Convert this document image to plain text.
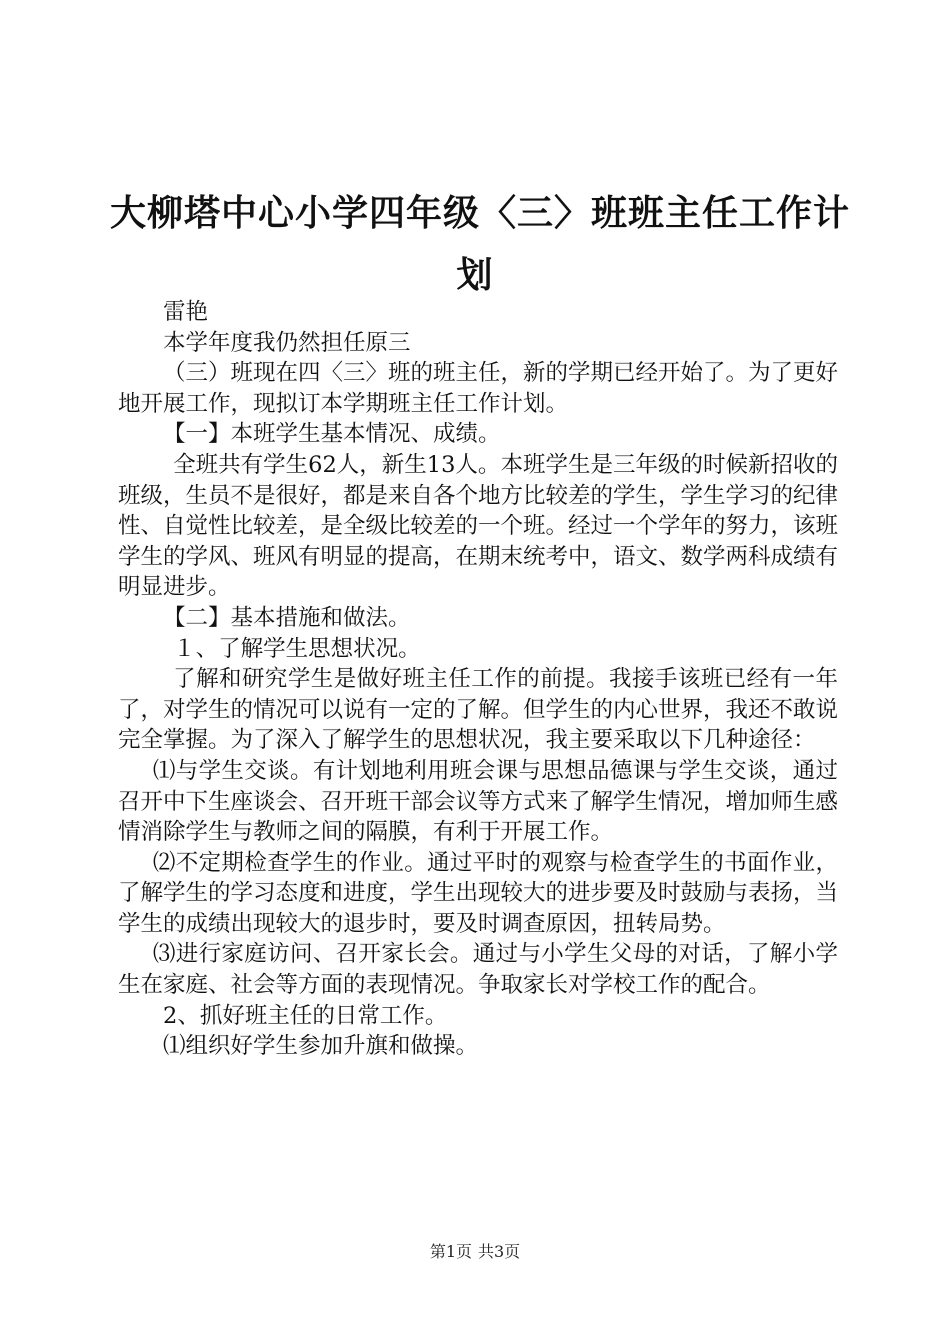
大柳塔中心小学四年级〈三〉班班主任工作计
划

雷艳

本学年度我仍然担任原三

（三）班现在四〈三〉班的班主任，新的学期已经开始了。为了更好地开展工作，现拟订本学期班主任工作计划。

【一】本班学生基本情况、成绩。

全班共有学生62人，新生13人。本班学生是三年级的时候新招收的班级，生员不是很好，都是来自各个地方比较差的学生，学生学习的纪律性、自觉性比较差，是全级比较差的一个班。经过一个学年的努力，该班学生的学风、班风有明显的提高，在期末统考中，语文、数学两科成绩有明显进步。

【二】基本措施和做法。

１、了解学生思想状况。

了解和研究学生是做好班主任工作的前提。我接手该班已经有一年了，对学生的情况可以说有一定的了解。但学生的内心世界，我还不敢说完全掌握。为了深入了解学生的思想状况，我主要采取以下几种途径：

⑴与学生交谈。有计划地利用班会课与思想品德课与学生交谈，通过召开中下生座谈会、召开班干部会议等方式来了解学生情况，增加师生感情消除学生与教师之间的隔膜，有利于开展工作。

⑵不定期检查学生的作业。通过平时的观察与检查学生的书面作业，了解学生的学习态度和进度，学生出现较大的进步要及时鼓励与表扬，当学生的成绩出现较大的退步时，要及时调查原因，扭转局势。

⑶进行家庭访问、召开家长会。通过与小学生父母的对话，了解小学生在家庭、社会等方面的表现情况。争取家长对学校工作的配合。

2、抓好班主任的日常工作。

⑴组织好学生参加升旗和做操。

第1页 共3页
